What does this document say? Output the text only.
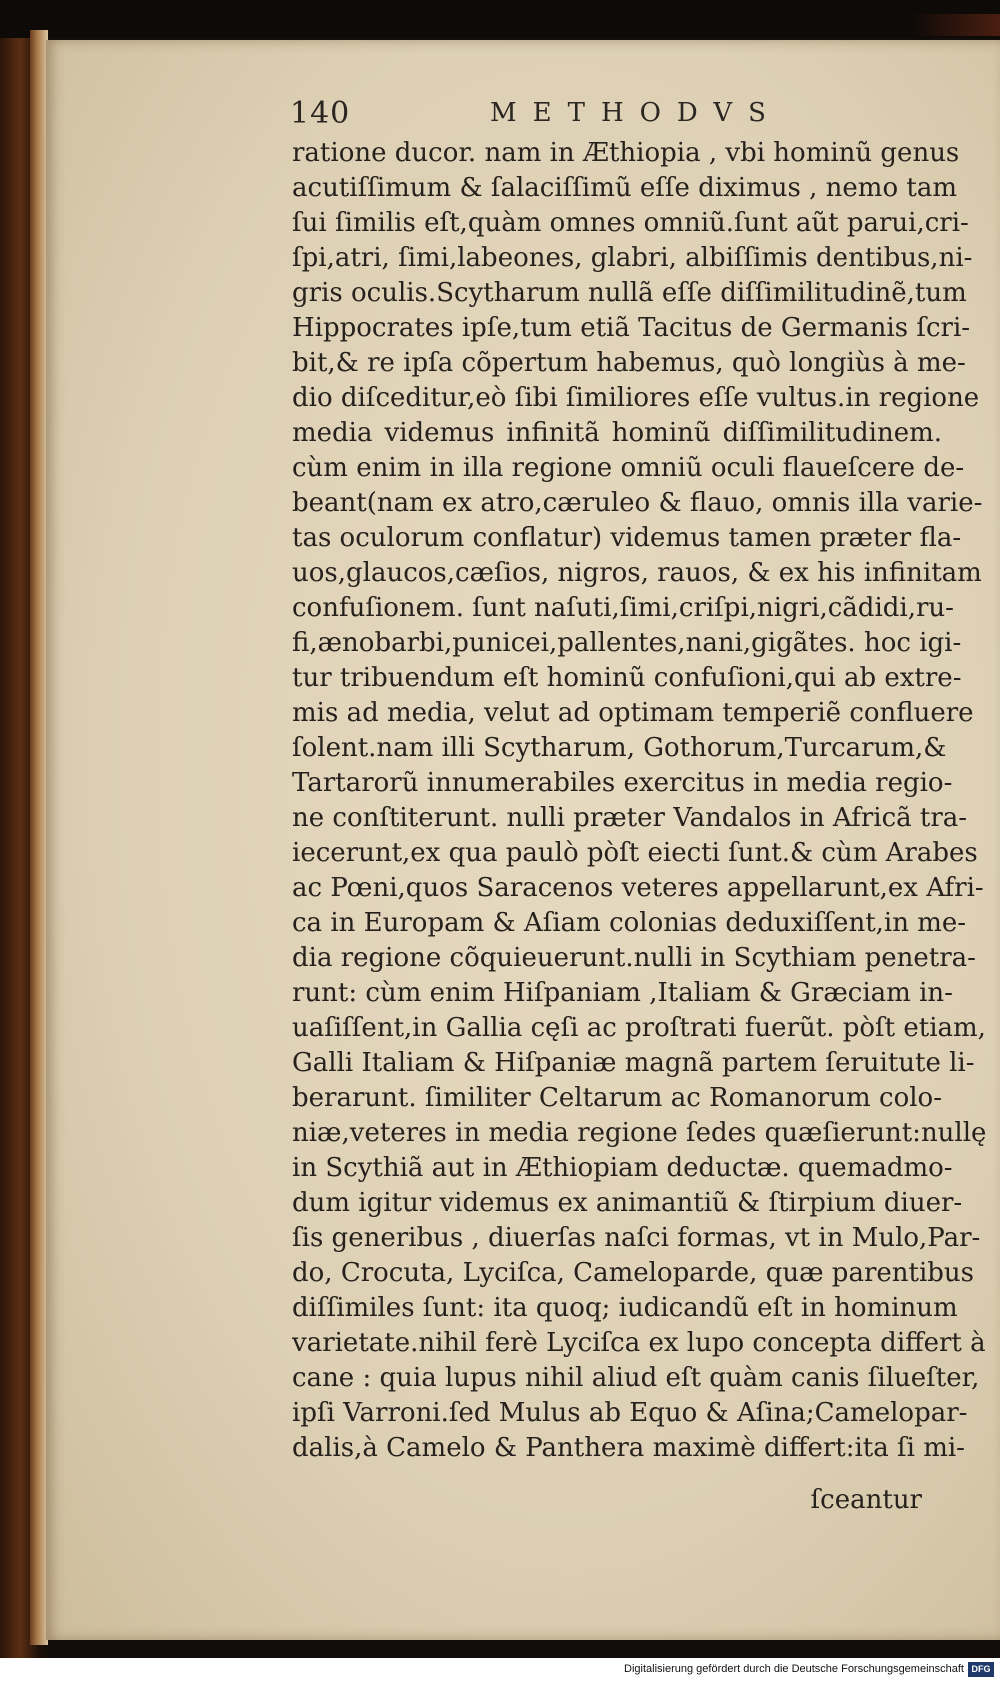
140	METHODVS
ratione ducor. nam in Æthiopia , vbi hominũ genus
acutiſſimum & ſalaciſſimũ eſſe diximus , nemo tam
ſui ſimilis eſt,quàm omnes omniũ.ſunt aũt parui,cri-
ſpi,atri, ſimi,labeones, glabri, albiſſimis dentibus,ni-
gris oculis.Scytharum nullã eſſe diſſimilitudinẽ,tum
Hippocrates ipſe,tum etiã Tacitus de Germanis ſcri-
bit,& re ipſa cõpertum habemus, quò longiùs à me-
dio diſceditur,eò ſibi ſimiliores eſſe vultus.in regione
media videmus infinitã hominũ diſſimilitudinem.
cùm enim in illa regione omniũ oculi flaueſcere de-
beant(nam ex atro,cæruleo & flauo, omnis illa varie-
tas oculorum conflatur) videmus tamen præter fla-
uos,glaucos,cæſios, nigros, rauos, & ex his infinitam
confuſionem. ſunt naſuti,ſimi,criſpi,nigri,cãdidi,ru-
fi,ænobarbi,punicei,pallentes,nani,gigãtes. hoc igi-
tur tribuendum eſt hominũ confuſioni,qui ab extre-
mis ad media, velut ad optimam temperiẽ confluere
ſolent.nam illi Scytharum, Gothorum,Turcarum,&
Tartarorũ innumerabiles exercitus in media regio-
ne conſtiterunt. nulli præter Vandalos in Africã tra-
iecerunt,ex qua paulò pòſt eiecti ſunt.& cùm Arabes
ac Pœni,quos Saracenos veteres appellarunt,ex Afri-
ca in Europam & Aſiam colonias deduxiſſent,in me-
dia regione cõquieuerunt.nulli in Scythiam penetra-
runt: cùm enim Hiſpaniam ,Italiam & Græciam in-
uaſiſſent,in Gallia cęſi ac proſtrati fuerũt. pòſt etiam,
Galli Italiam & Hiſpaniæ magnã partem ſeruitute li-
berarunt. ſimiliter Celtarum ac Romanorum colo-
niæ,veteres in media regione ſedes quæſierunt:nullę
in Scythiã aut in Æthiopiam deductæ. quemadmo-
dum igitur videmus ex animantiũ & ſtirpium diuer-
ſis generibus , diuerſas naſci formas, vt in Mulo,Par-
do, Crocuta, Lyciſca, Cameloparde, quæ parentibus
diſſimiles ſunt: ita quoq; iudicandũ eſt in hominum
varietate.nihil ferè Lyciſca ex lupo concepta differt à
cane : quia lupus nihil aliud eſt quàm canis ſilueſter,
ipſi Varroni.ſed Mulus ab Equo & Aſina;Camelopar-
dalis,à Camelo & Panthera maximè differt:ita ſi mi-
ſceantur
Digitalisierung gefördert durch die Deutsche Forschungsgemeinschaft DFG
